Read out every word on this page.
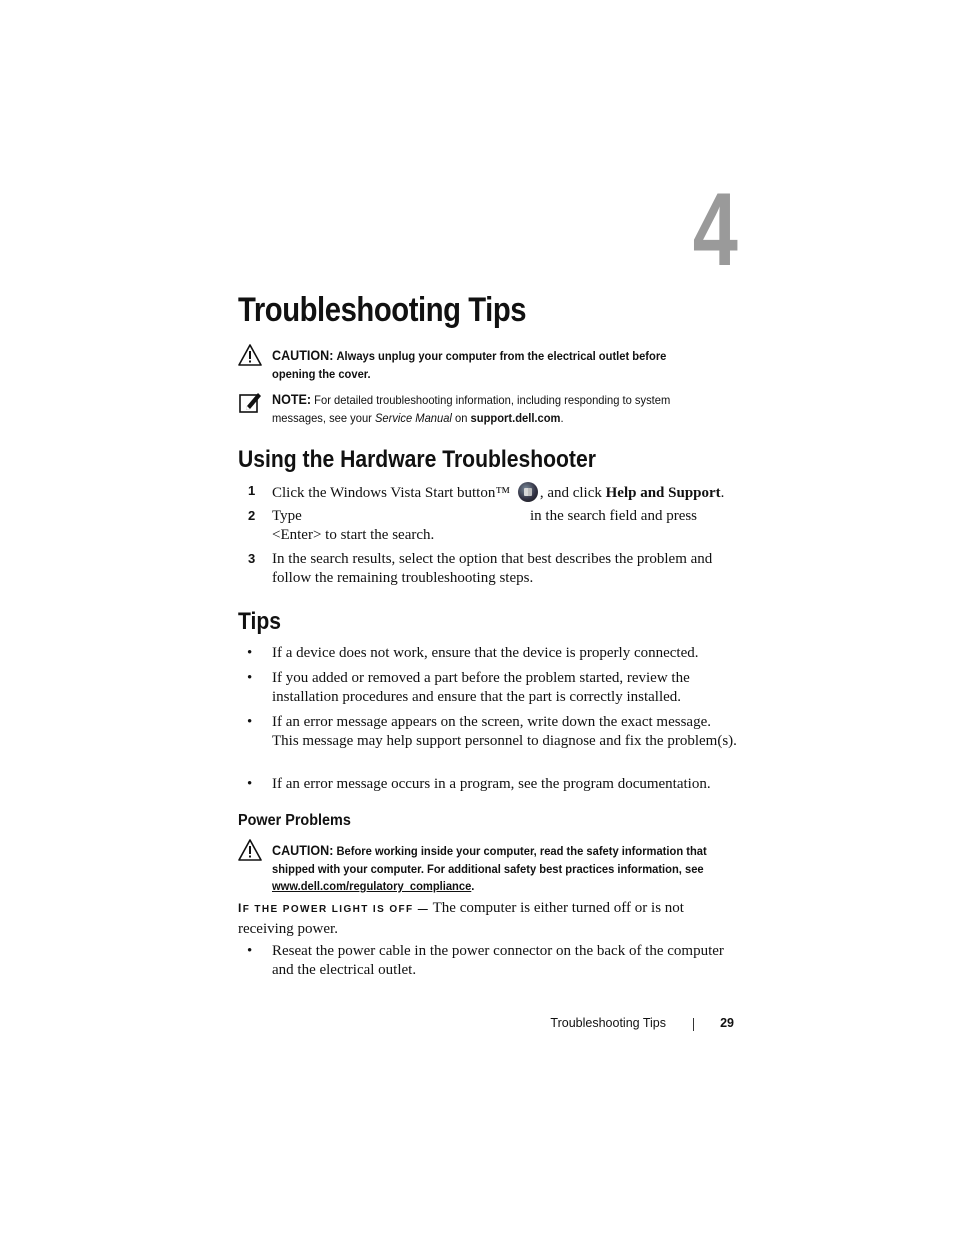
4
Troubleshooting Tips
CAUTION: Always unplug your computer from the electrical outlet before opening the cover.
NOTE: For detailed troubleshooting information, including responding to system messages, see your Service Manual on support.dell.com.
Using the Hardware Troubleshooter
1 Click the Windows Vista Start button™ , and click Help and Support.
2 Type	in the search field and press
<Enter> to start the search.
3 In the search results, select the option that best describes the problem and follow the remaining troubleshooting steps.
Tips
• If a device does not work, ensure that the device is properly connected.
• If you added or removed a part before the problem started, review the installation procedures and ensure that the part is correctly installed.
• If an error message appears on the screen, write down the exact message. This message may help support personnel to diagnose and fix the problem(s).
• If an error message occurs in a program, see the program documentation.
Power Problems
CAUTION: Before working inside your computer, read the safety information that shipped with your computer. For additional safety best practices information, see www.dell.com/regulatory_compliance.
IF THE POWER LIGHT IS OFF — The computer is either turned off or is not receiving power.
• Reseat the power cable in the power connector on the back of the computer and the electrical outlet.
Troubleshooting Tips	29
